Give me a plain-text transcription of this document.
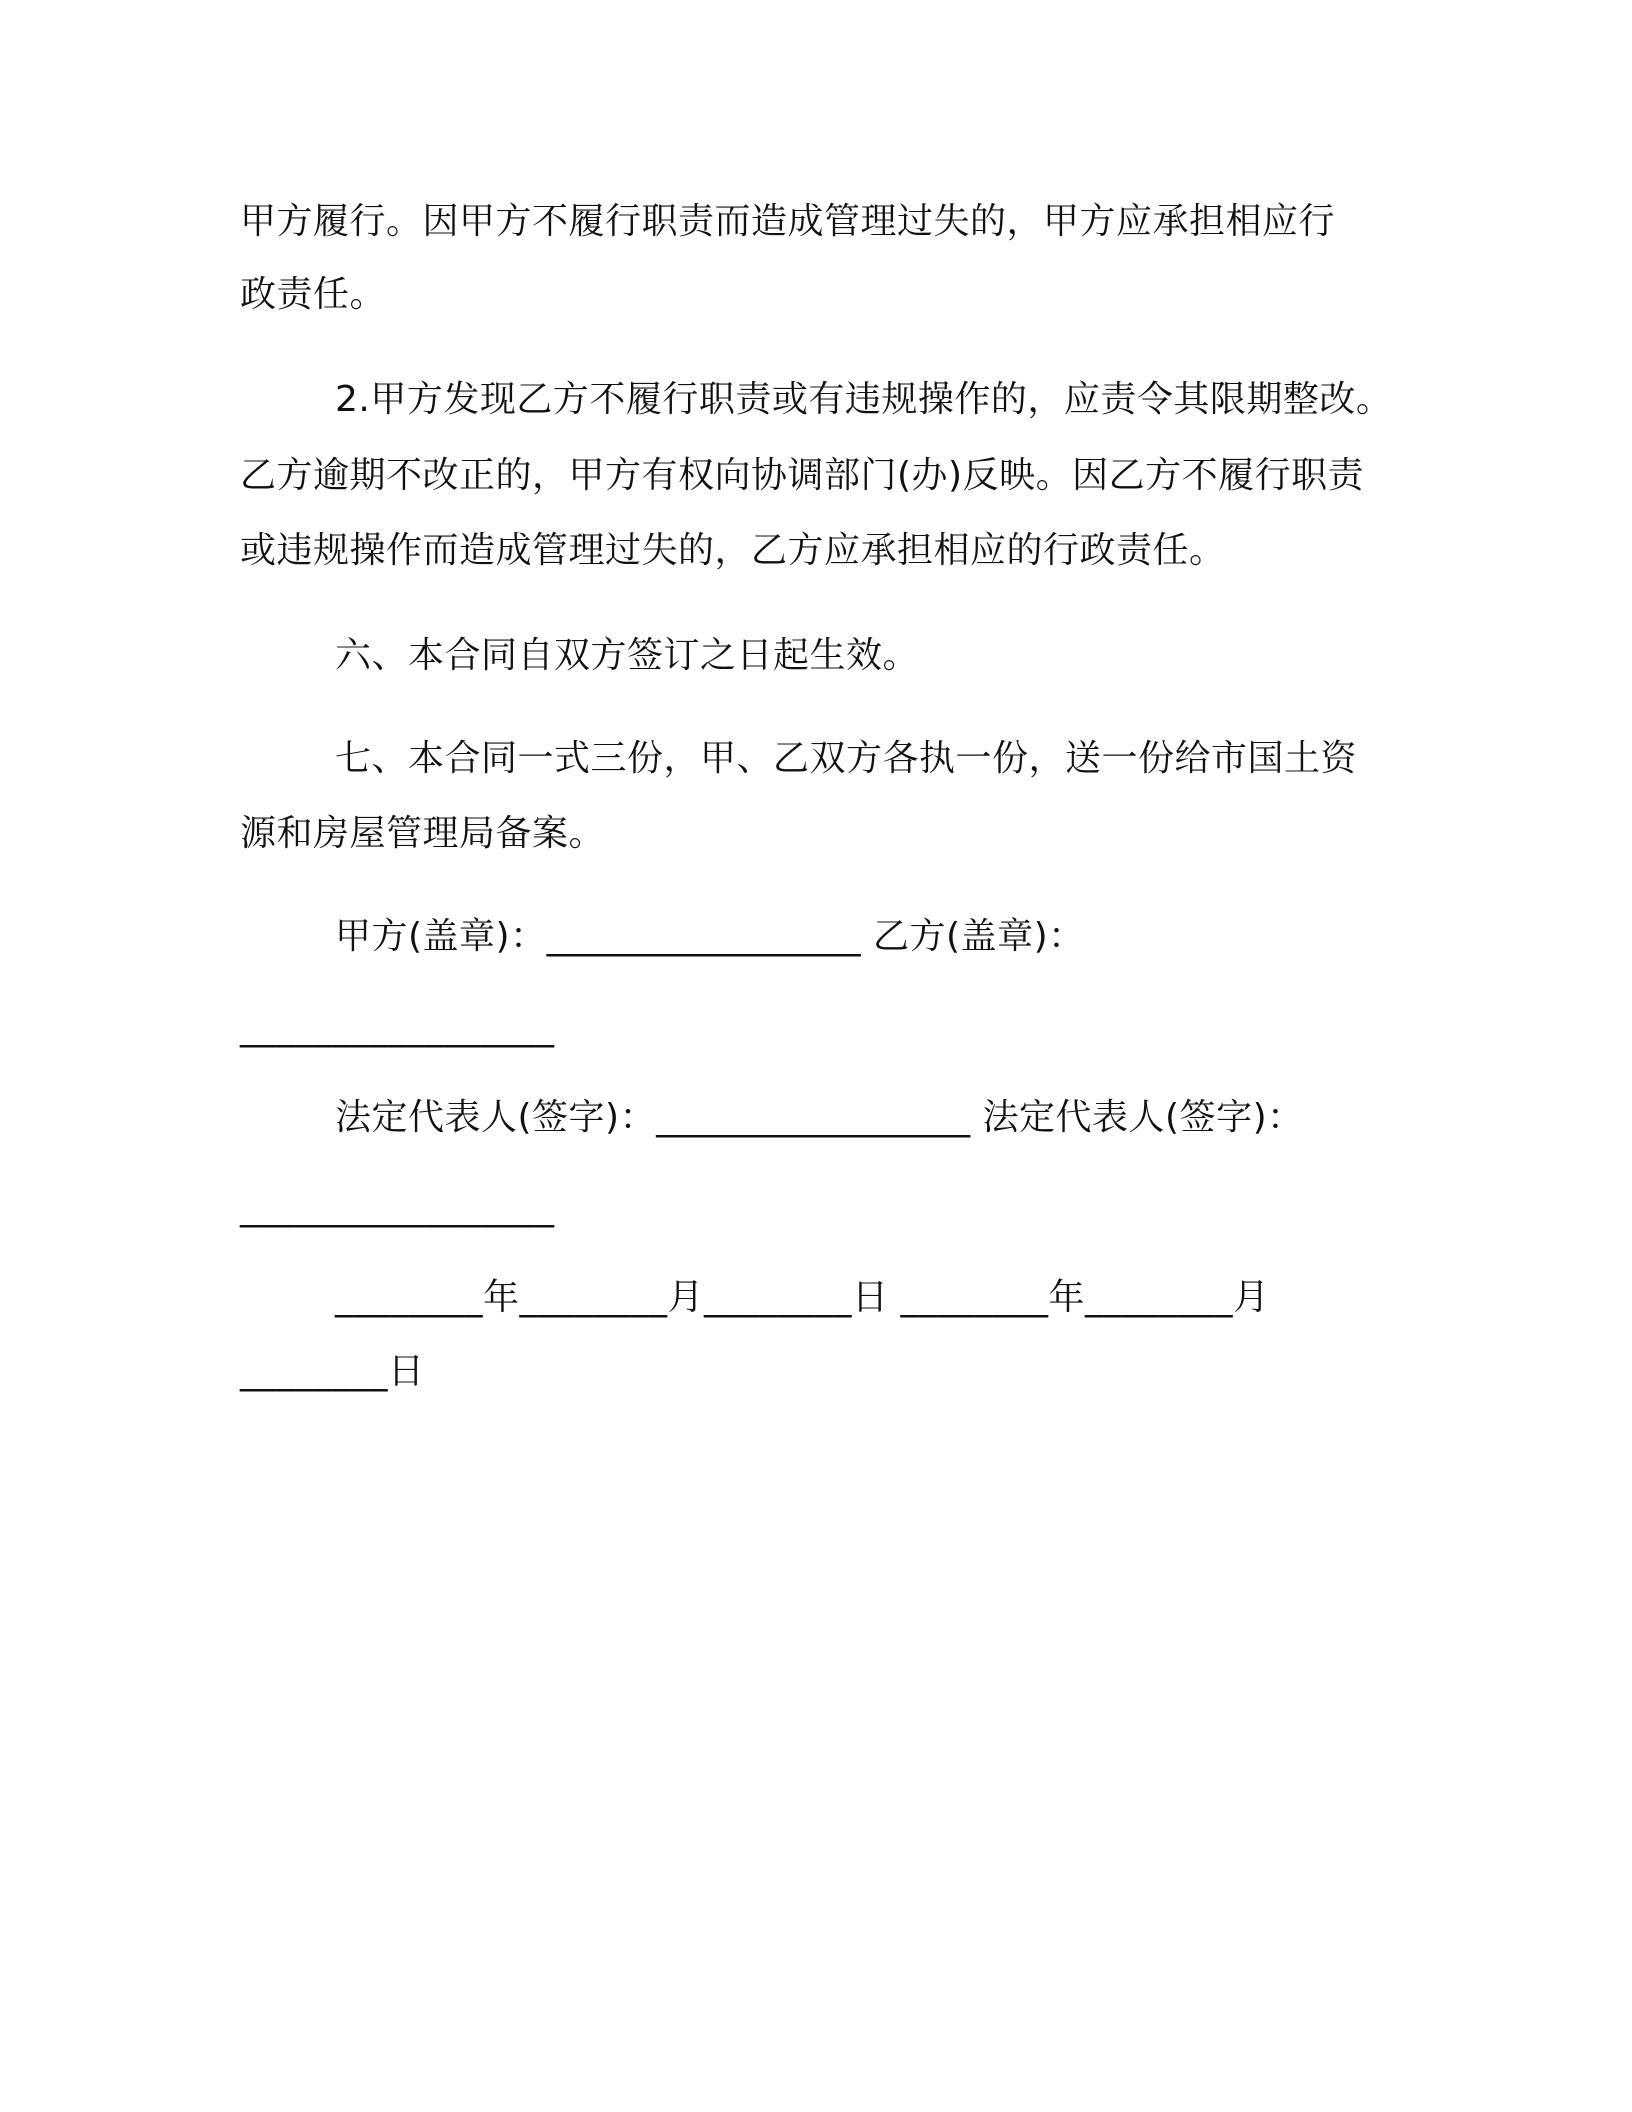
甲方履行。因甲方不履行职责而造成管理过失的，甲方应承担相应行

政责任。

2.甲方发现乙方不履行职责或有违规操作的，应责令其限期整改。

乙方逾期不改正的，甲方有权向协调部门(办)反映。因乙方不履行职责

或违规操作而造成管理过失的，乙方应承担相应的行政责任。

六、本合同自双方签订之日起生效。

七、本合同一式三份，甲、乙双方各执一份，送一份给市国土资

源和房屋管理局备案。

甲方(盖章)：_________________ 乙方(盖章)：

_________________

法定代表人(签字)：_________________ 法定代表人(签字)：

_________________

________年________月________日 ________年________月

________日
